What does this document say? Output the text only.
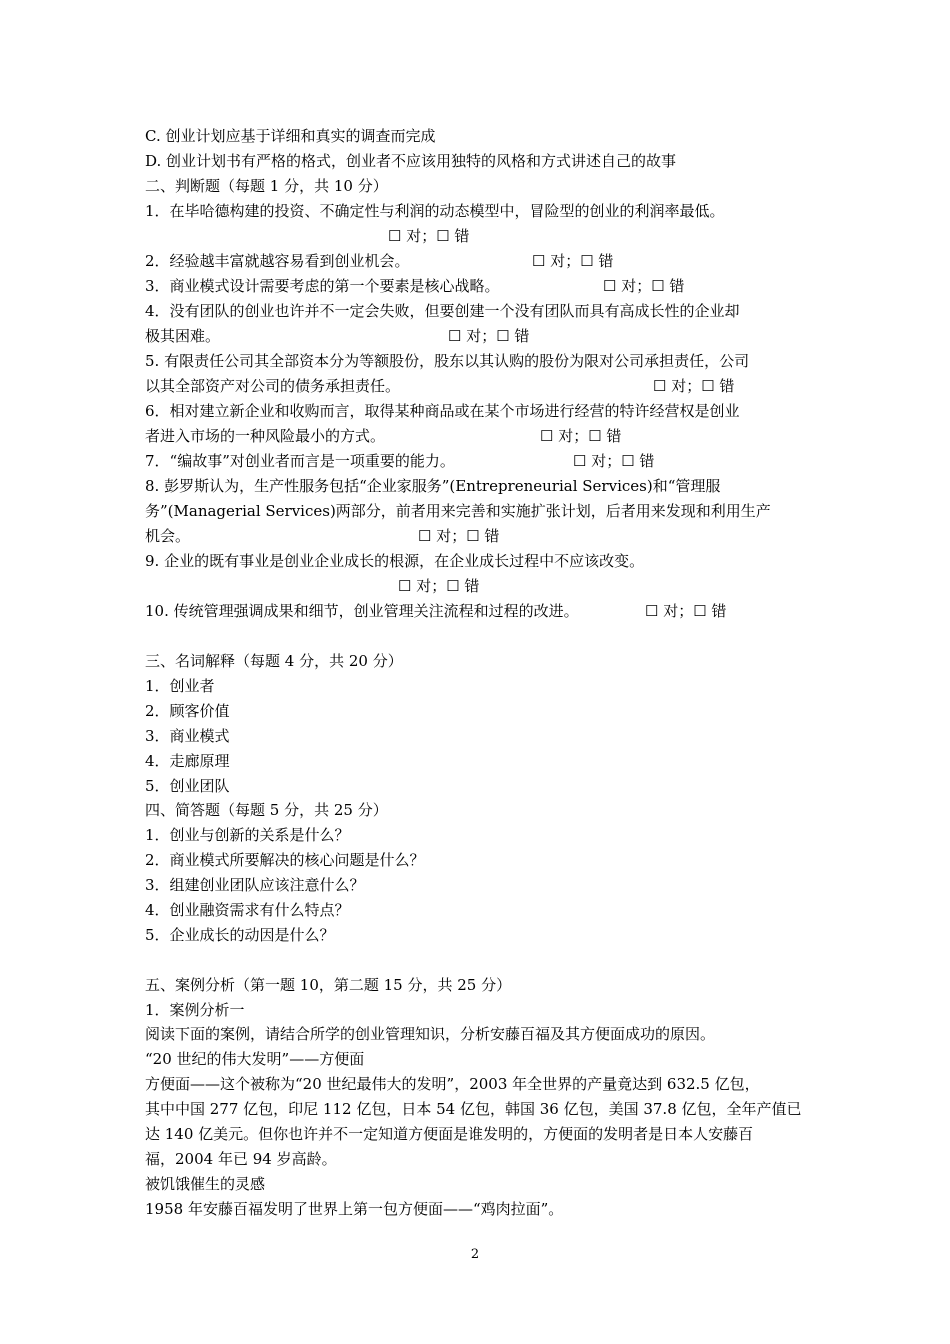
C. 创业计划应基于详细和真实的调查而完成
D. 创业计划书有严格的格式，创业者不应该用独特的风格和方式讲述自己的故事
二、判断题（每题 1 分，共 10 分）
1．在毕哈德构建的投资、不确定性与利润的动态模型中，冒险型的创业的利润率最低。
☐ 对；☐ 错
2．经验越丰富就越容易看到创业机会。	☐ 对；☐ 错
3．商业模式设计需要考虑的第一个要素是核心战略。	☐ 对；☐ 错
4．没有团队的创业也许并不一定会失败，但要创建一个没有团队而具有高成长性的企业却
极其困难。	☐ 对；☐ 错
5. 有限责任公司其全部资本分为等额股份，股东以其认购的股份为限对公司承担责任，公司
以其全部资产对公司的债务承担责任。	☐ 对；☐ 错
6．相对建立新企业和收购而言，取得某种商品或在某个市场进行经营的特许经营权是创业
者进入市场的一种风险最小的方式。	☐ 对；☐ 错
7．“编故事”对创业者而言是一项重要的能力。	☐ 对；☐ 错
8. 彭罗斯认为，生产性服务包括“企业家服务”(Entrepreneurial Services)和“管理服
务”(Managerial Services)两部分，前者用来完善和实施扩张计划，后者用来发现和利用生产
机会。	☐ 对；☐ 错
9. 企业的既有事业是创业企业成长的根源，在企业成长过程中不应该改变。
☐ 对；☐ 错
10. 传统管理强调成果和细节，创业管理关注流程和过程的改进。	☐ 对；☐ 错
三、名词解释（每题 4 分，共 20 分）
1．创业者
2．顾客价值
3．商业模式
4．走廊原理
5．创业团队
四、简答题（每题 5 分，共 25 分）
1．创业与创新的关系是什么？
2．商业模式所要解决的核心问题是什么？
3．组建创业团队应该注意什么？
4．创业融资需求有什么特点？
5．企业成长的动因是什么？
五、案例分析（第一题 10，第二题 15 分，共 25 分）
1．案例分析一
阅读下面的案例，请结合所学的创业管理知识，分析安藤百福及其方便面成功的原因。
“20 世纪的伟大发明”——方便面
方便面——这个被称为“20 世纪最伟大的发明”，2003 年全世界的产量竟达到 632.5 亿包，
其中中国 277 亿包，印尼 112 亿包，日本 54 亿包，韩国 36 亿包，美国 37.8 亿包，全年产值已
达 140 亿美元。但你也许并不一定知道方便面是谁发明的，方便面的发明者是日本人安藤百
福，2004 年已 94 岁高龄。
被饥饿催生的灵感
1958 年安藤百福发明了世界上第一包方便面——“鸡肉拉面”。
2
